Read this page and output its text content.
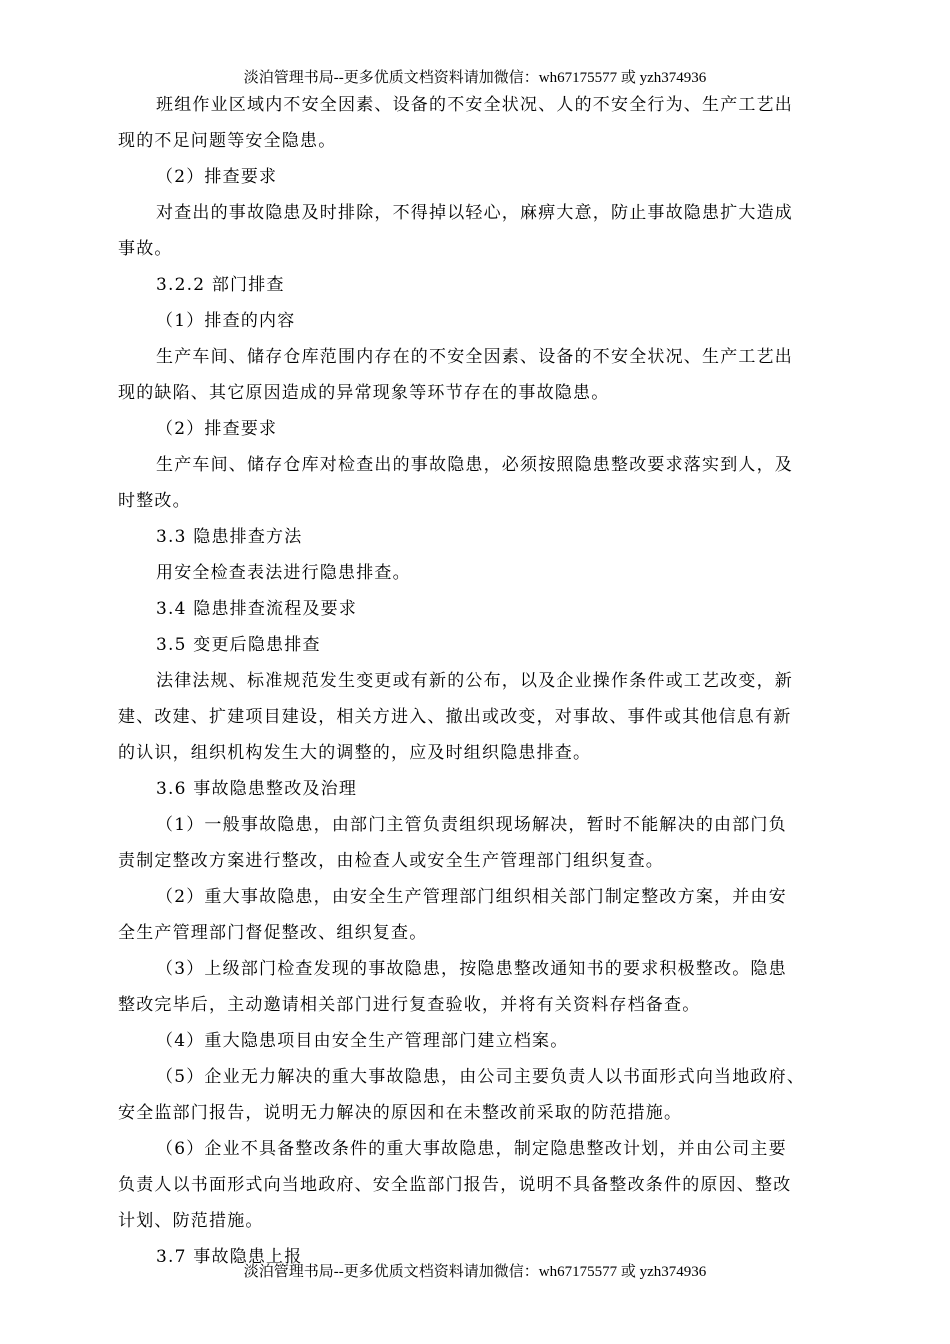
淡泊管理书局--更多优质文档资料请加微信：wh67175577 或 yzh374936
班组作业区域内不安全因素、设备的不安全状况、人的不安全行为、生产工艺出
现的不足问题等安全隐患。
（2）排查要求
对查出的事故隐患及时排除，不得掉以轻心，麻痹大意，防止事故隐患扩大造成
事故。
3.2.2 部门排查
（1）排查的内容
生产车间、储存仓库范围内存在的不安全因素、设备的不安全状况、生产工艺出
现的缺陷、其它原因造成的异常现象等环节存在的事故隐患。
（2）排查要求
生产车间、储存仓库对检查出的事故隐患，必须按照隐患整改要求落实到人，及
时整改。
3.3 隐患排查方法
用安全检查表法进行隐患排查。
3.4 隐患排查流程及要求
3.5 变更后隐患排查
法律法规、标准规范发生变更或有新的公布，以及企业操作条件或工艺改变，新
建、改建、扩建项目建设，相关方进入、撤出或改变，对事故、事件或其他信息有新
的认识，组织机构发生大的调整的，应及时组织隐患排查。
3.6 事故隐患整改及治理
（1）一般事故隐患，由部门主管负责组织现场解决，暂时不能解决的由部门负
责制定整改方案进行整改，由检查人或安全生产管理部门组织复查。
（2）重大事故隐患，由安全生产管理部门组织相关部门制定整改方案，并由安
全生产管理部门督促整改、组织复查。
（3）上级部门检查发现的事故隐患，按隐患整改通知书的要求积极整改。隐患
整改完毕后，主动邀请相关部门进行复查验收，并将有关资料存档备查。
（4）重大隐患项目由安全生产管理部门建立档案。
（5）企业无力解决的重大事故隐患，由公司主要负责人以书面形式向当地政府、
安全监部门报告，说明无力解决的原因和在未整改前采取的防范措施。
（6）企业不具备整改条件的重大事故隐患，制定隐患整改计划，并由公司主要
负责人以书面形式向当地政府、安全监部门报告，说明不具备整改条件的原因、整改
计划、防范措施。
3.7 事故隐患上报
淡泊管理书局--更多优质文档资料请加微信：wh67175577 或 yzh374936
